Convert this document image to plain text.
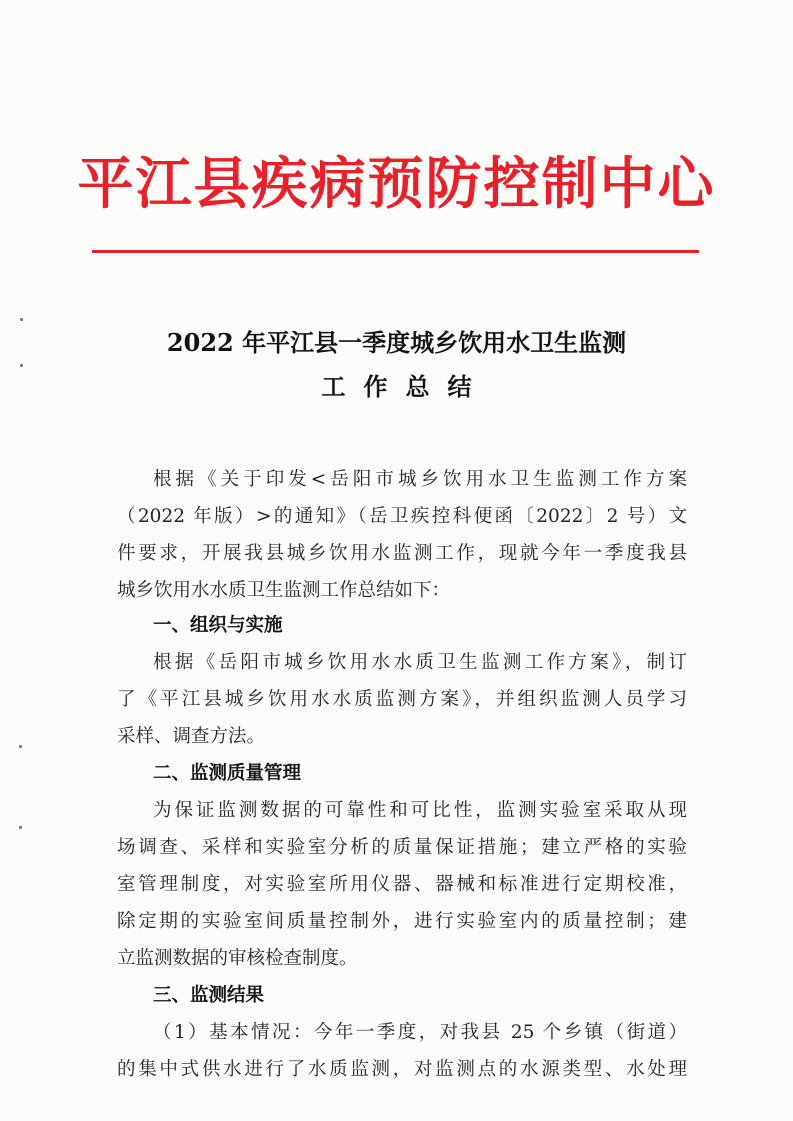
平江县疾病预防控制中心
2022 年平江县一季度城乡饮用水卫生监测
工作总结
根据《关于印发<岳阳市城乡饮用水卫生监测工作方案
（2022 年版）>的通知》（岳卫疾控科便函〔2022〕2 号）文
件要求，开展我县城乡饮用水监测工作，现就今年一季度我县
城乡饮用水水质卫生监测工作总结如下：
一、组织与实施
根据《岳阳市城乡饮用水水质卫生监测工作方案》，制订
了《平江县城乡饮用水水质监测方案》，并组织监测人员学习
采样、调查方法。
二、监测质量管理
为保证监测数据的可靠性和可比性，监测实验室采取从现
场调查、采样和实验室分析的质量保证措施；建立严格的实验
室管理制度，对实验室所用仪器、器械和标准进行定期校准，
除定期的实验室间质量控制外，进行实验室内的质量控制；建
立监测数据的审核检查制度。
三、监测结果
（1）基本情况：今年一季度，对我县 25 个乡镇（街道）
的集中式供水进行了水质监测，对监测点的水源类型、水处理
